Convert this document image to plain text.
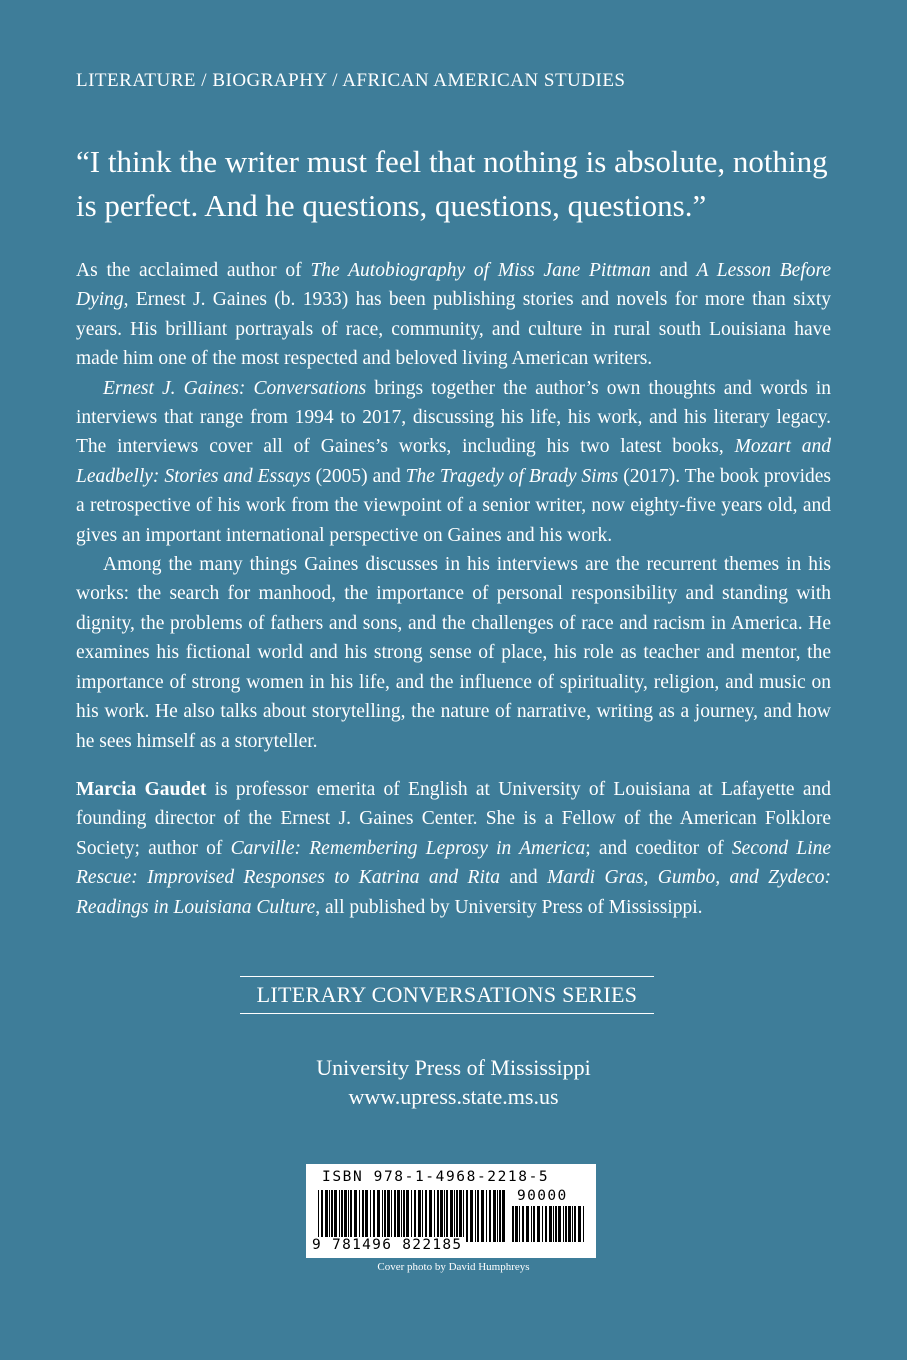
LITERATURE / BIOGRAPHY / AFRICAN AMERICAN STUDIES
“I think the writer must feel that nothing is absolute, nothing is perfect. And he questions, questions, questions.”

As the acclaimed author of The Autobiography of Miss Jane Pittman and A Lesson Before Dying, Ernest J. Gaines (b. 1933) has been publishing stories and novels for more than sixty years. His brilliant portrayals of race, community, and culture in rural south Louisiana have made him one of the most respected and beloved living American writers.

Ernest J. Gaines: Conversations brings together the author’s own thoughts and words in interviews that range from 1994 to 2017, discussing his life, his work, and his literary legacy. The interviews cover all of Gaines’s works, including his two latest books, Mozart and Leadbelly: Stories and Essays (2005) and The Tragedy of Brady Sims (2017). The book provides a retrospective of his work from the viewpoint of a senior writer, now eighty-five years old, and gives an important international perspective on Gaines and his work.

Among the many things Gaines discusses in his interviews are the recurrent themes in his works: the search for manhood, the importance of personal responsibility and standing with dignity, the problems of fathers and sons, and the challenges of race and racism in America. He examines his fictional world and his strong sense of place, his role as teacher and mentor, the importance of strong women in his life, and the influence of spirituality, religion, and music on his work. He also talks about storytelling, the nature of narrative, writing as a journey, and how he sees himself as a storyteller.

Marcia Gaudet is professor emerita of English at University of Louisiana at Lafayette and founding director of the Ernest J. Gaines Center. She is a Fellow of the American Folklore Society; author of Carville: Remembering Leprosy in America; and coeditor of Second Line Rescue: Improvised Responses to Katrina and Rita and Mardi Gras, Gumbo, and Zydeco: Readings in Louisiana Culture, all published by University Press of Mississippi.

LITERARY CONVERSATIONS SERIES
University Press of Mississippi
www.upress.state.ms.us
ISBN 978-1-4968-2218-5
90000
9 781496 822185
Cover photo by David Humphreys
